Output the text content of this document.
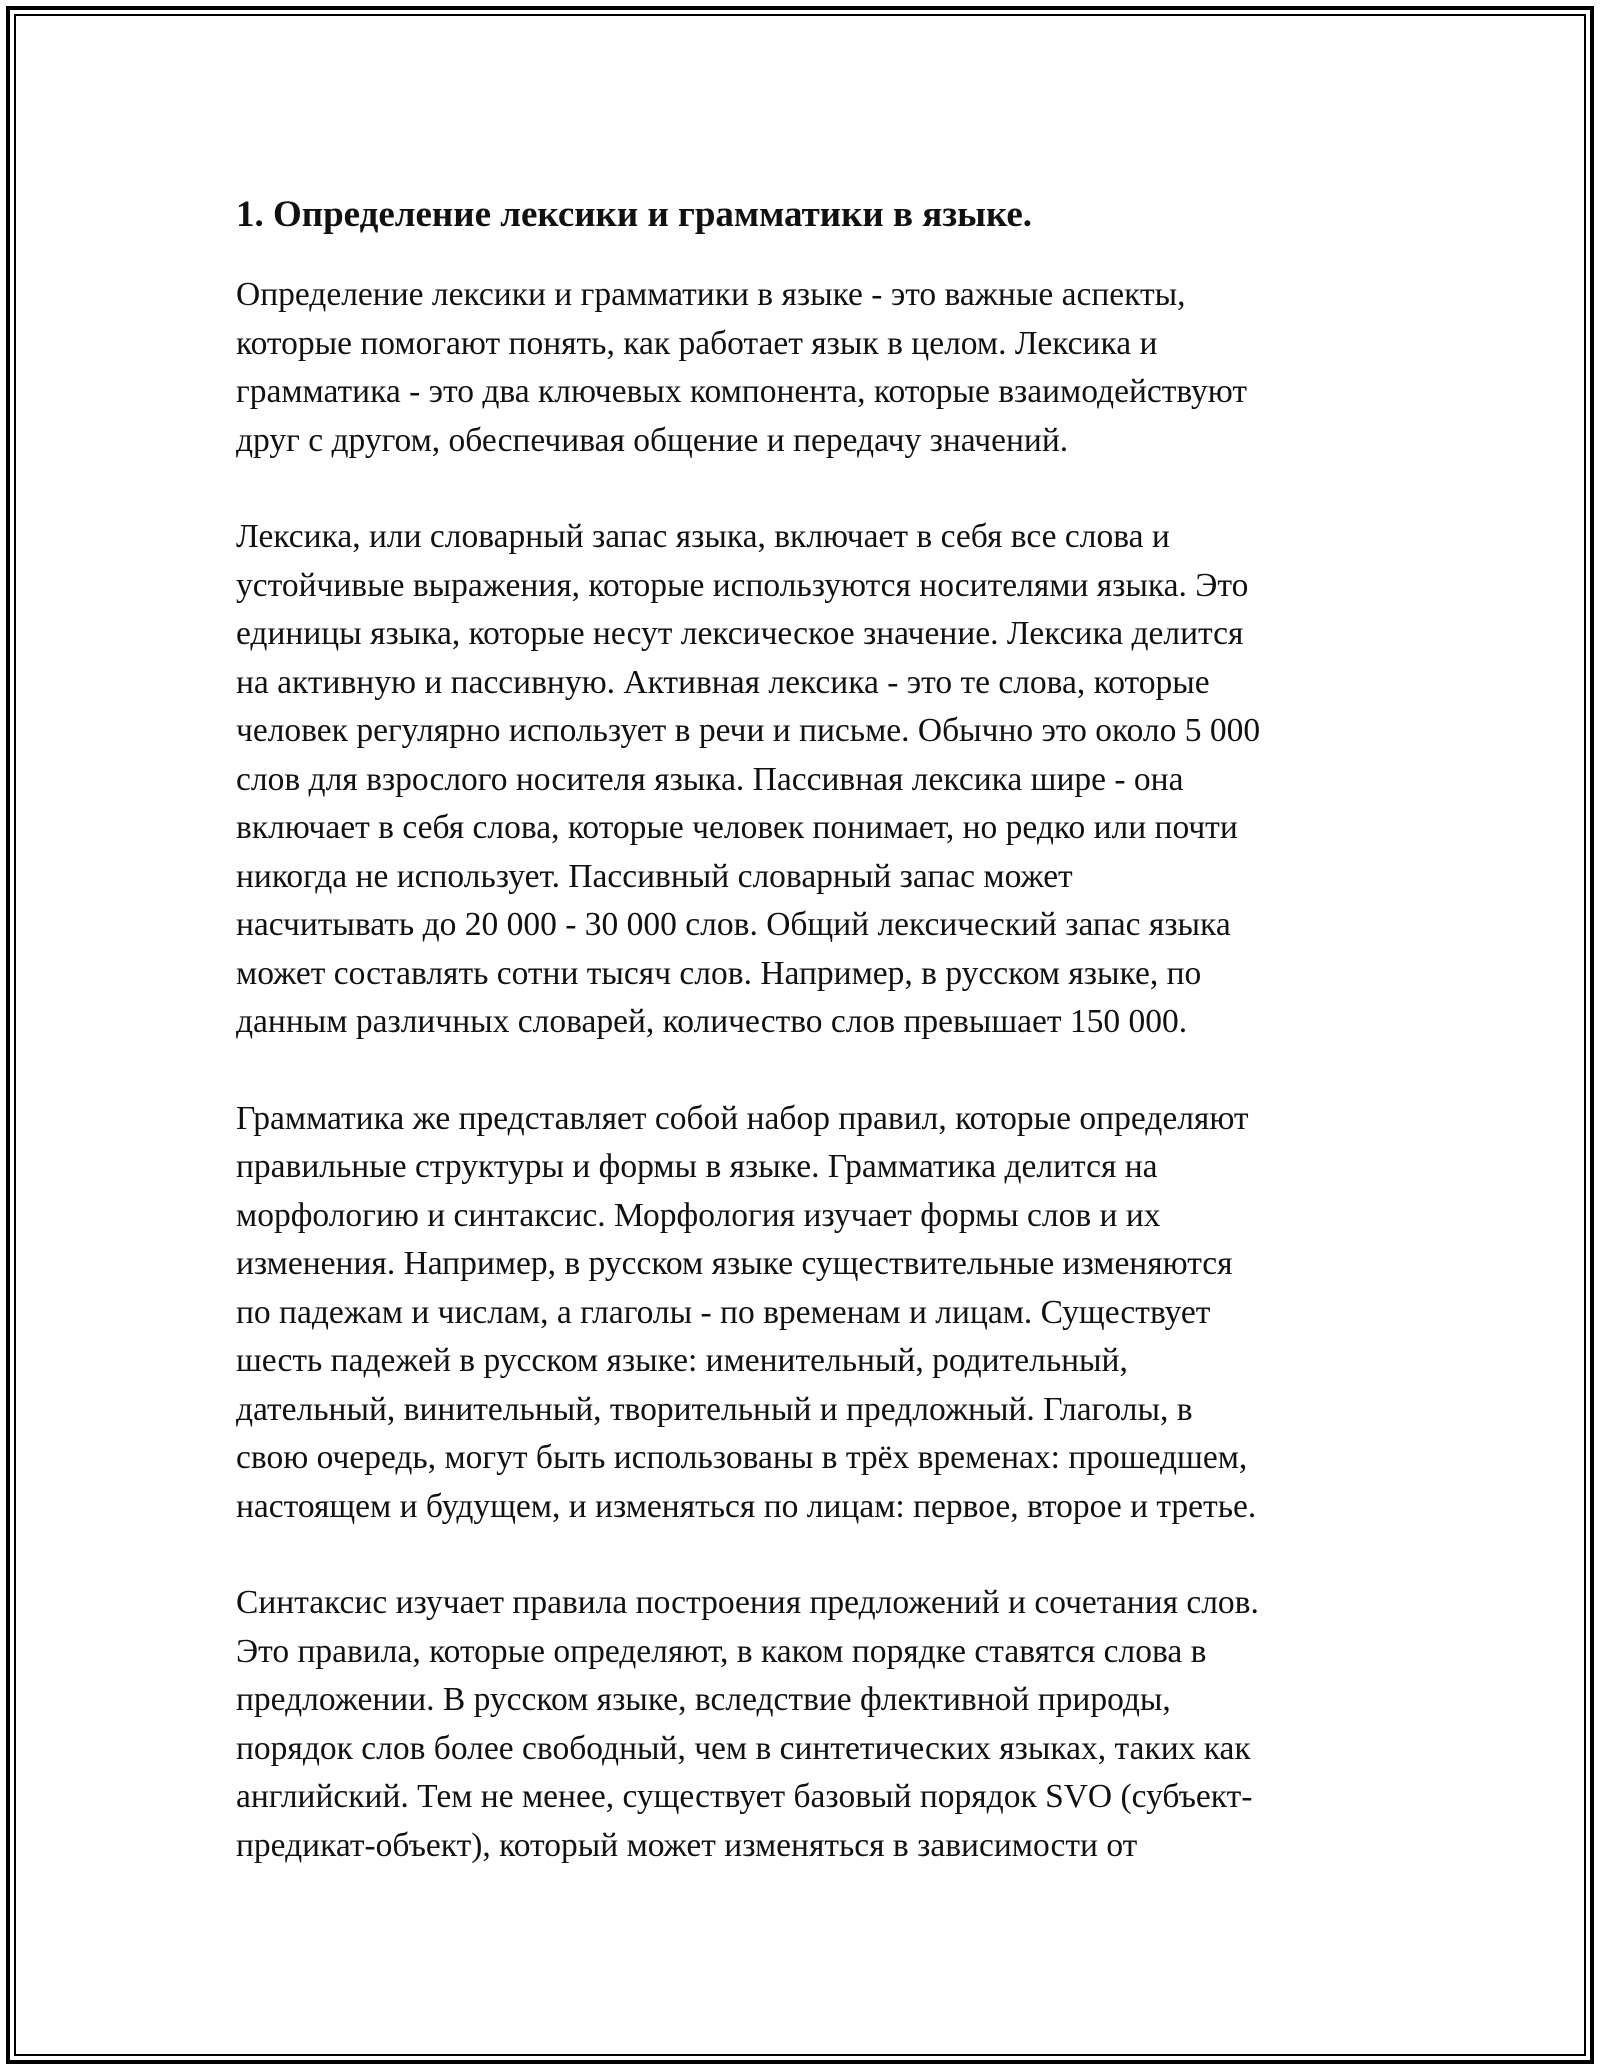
1. Определение лексики и грамматики в языке.
Определение лексики и грамматики в языке - это важные аспекты,
которые помогают понять, как работает язык в целом. Лексика и
грамматика - это два ключевых компонента, которые взаимодействуют
друг с другом, обеспечивая общение и передачу значений.
Лексика, или словарный запас языка, включает в себя все слова и
устойчивые выражения, которые используются носителями языка. Это
единицы языка, которые несут лексическое значение. Лексика делится
на активную и пассивную. Активная лексика - это те слова, которые
человек регулярно использует в речи и письме. Обычно это около 5 000
слов для взрослого носителя языка. Пассивная лексика шире - она
включает в себя слова, которые человек понимает, но редко или почти
никогда не использует. Пассивный словарный запас может
насчитывать до 20 000 - 30 000 слов. Общий лексический запас языка
может составлять сотни тысяч слов. Например, в русском языке, по
данным различных словарей, количество слов превышает 150 000.
Грамматика же представляет собой набор правил, которые определяют
правильные структуры и формы в языке. Грамматика делится на
морфологию и синтаксис. Морфология изучает формы слов и их
изменения. Например, в русском языке существительные изменяются
по падежам и числам, а глаголы - по временам и лицам. Существует
шесть падежей в русском языке: именительный, родительный,
дательный, винительный, творительный и предложный. Глаголы, в
свою очередь, могут быть использованы в трёх временах: прошедшем,
настоящем и будущем, и изменяться по лицам: первое, второе и третье.
Синтаксис изучает правила построения предложений и сочетания слов.
Это правила, которые определяют, в каком порядке ставятся слова в
предложении. В русском языке, вследствие флективной природы,
порядок слов более свободный, чем в синтетических языках, таких как
английский. Тем не менее, существует базовый порядок SVO (субъект-
предикат-объект), который может изменяться в зависимости от
